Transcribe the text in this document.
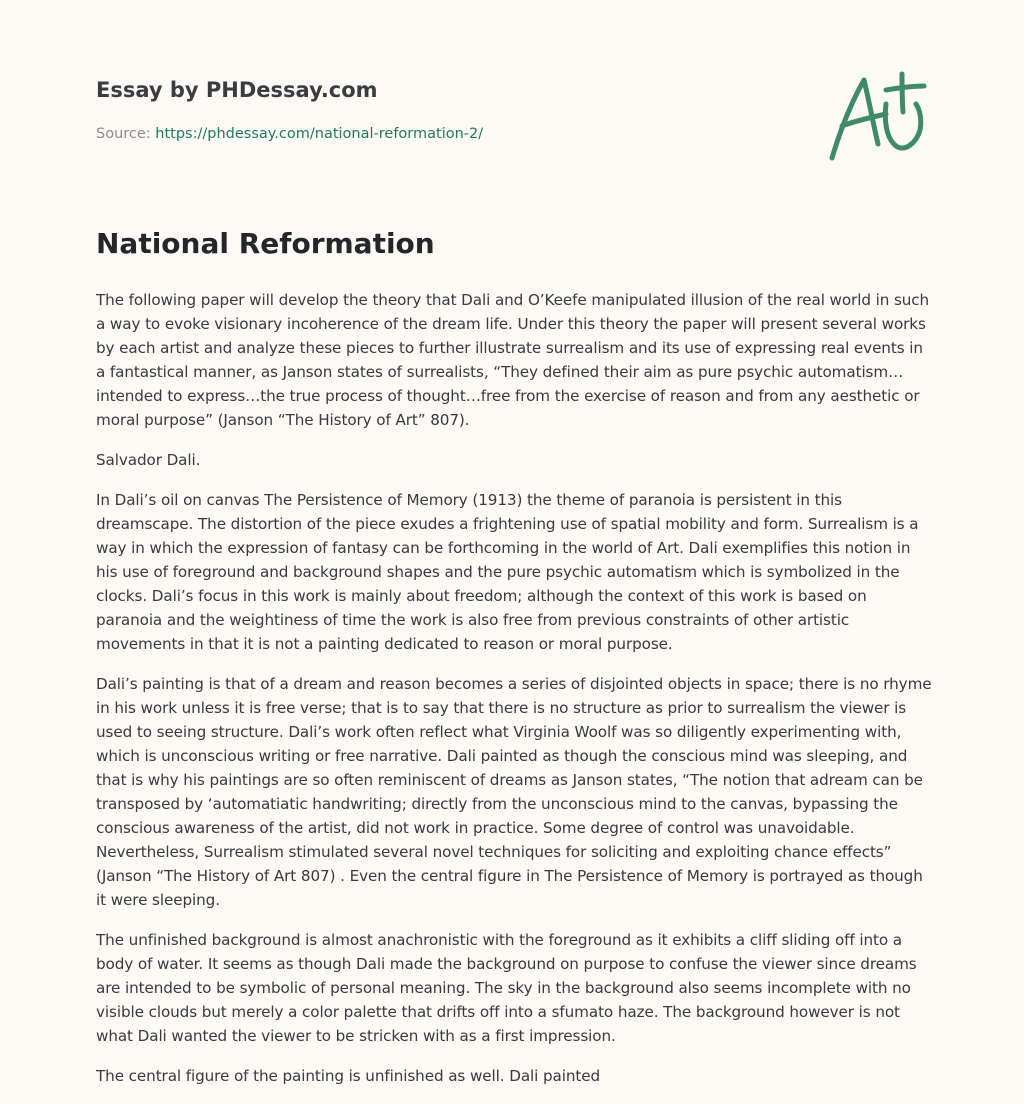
Essay by PHDessay.com
Source: https://phdessay.com/national-reformation-2/
National Reformation

The following paper will develop the theory that Dali and O’Keefe manipulated illusion of the real world in such a way to evoke visionary incoherence of the dream life. Under this theory the paper will present several works by each artist and analyze these pieces to further illustrate surrealism and its use of expressing real events in a fantastical manner, as Janson states of surrealists, “They defined their aim as pure psychic automatism… intended to express…the true process of thought…free from the exercise of reason and from any aesthetic or moral purpose” (Janson “The History of Art” 807).

Salvador Dali.

In Dali’s oil on canvas The Persistence of Memory (1913) the theme of paranoia is persistent in this dreamscape. The distortion of the piece exudes a frightening use of spatial mobility and form. Surrealism is a way in which the expression of fantasy can be forthcoming in the world of Art. Dali exemplifies this notion in his use of foreground and background shapes and the pure psychic automatism which is symbolized in the clocks. Dali’s focus in this work is mainly about freedom; although the context of this work is based on paranoia and the weightiness of time the work is also free from previous constraints of other artistic movements in that it is not a painting dedicated to reason or moral purpose.

Dali’s painting is that of a dream and reason becomes a series of disjointed objects in space; there is no rhyme in his work unless it is free verse; that is to say that there is no structure as prior to surrealism the viewer is used to seeing structure. Dali’s work often reflect what Virginia Woolf was so diligently experimenting with, which is unconscious writing or free narrative. Dali painted as though the conscious mind was sleeping, and that is why his paintings are so often reminiscent of dreams as Janson states, “The notion that adream can be transposed by ‘automatiatic handwriting; directly from the unconscious mind to the canvas, bypassing the conscious awareness of the artist, did not work in practice. Some degree of control was unavoidable. Nevertheless, Surrealism stimulated several novel techniques for soliciting and exploiting chance effects” (Janson “The History of Art 807) . Even the central figure in The Persistence of Memory is portrayed as though it were sleeping.

The unfinished background is almost anachronistic with the foreground as it exhibits a cliff sliding off into a body of water. It seems as though Dali made the background on purpose to confuse the viewer since dreams are intended to be symbolic of personal meaning. The sky in the background also seems incomplete with no visible clouds but merely a color palette that drifts off into a sfumato haze. The background however is not what Dali wanted the viewer to be stricken with as a first impression.

The central figure of the painting is unfinished as well. Dali painted
